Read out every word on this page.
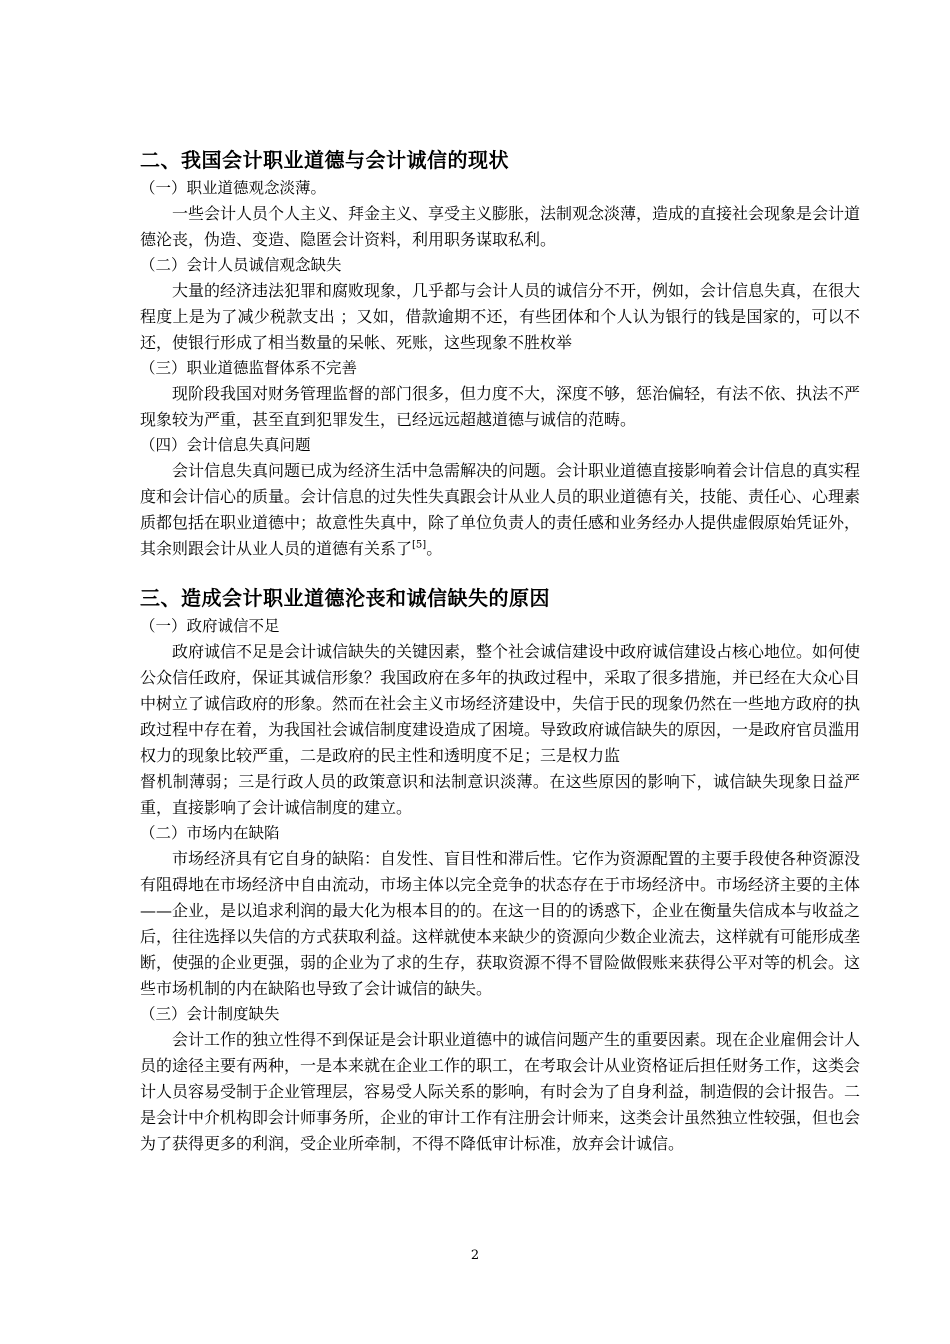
二、我国会计职业道德与会计诚信的现状
（一）职业道德观念淡薄。

一些会计人员个人主义、拜金主义、享受主义膨胀，法制观念淡薄，造成的直接社会现象是会计道德沦丧，伪造、变造、隐匿会计资料，利用职务谋取私利。

（二）会计人员诚信观念缺失

大量的经济违法犯罪和腐败现象，几乎都与会计人员的诚信分不开，例如，会计信息失真，在很大程度上是为了减少税款支出 ；又如，借款逾期不还，有些团体和个人认为银行的钱是国家的，可以不还，使银行形成了相当数量的呆帐、死账，这些现象不胜枚举

（三）职业道德监督体系不完善

现阶段我国对财务管理监督的部门很多，但力度不大，深度不够，惩治偏轻，有法不依、执法不严现象较为严重，甚至直到犯罪发生，已经远远超越道德与诚信的范畴。

（四）会计信息失真问题

会计信息失真问题已成为经济生活中急需解决的问题。会计职业道德直接影响着会计信息的真实程度和会计信心的质量。会计信息的过失性失真跟会计从业人员的职业道德有关，技能、责任心、心理素质都包括在职业道德中；故意性失真中，除了单位负责人的责任感和业务经办人提供虚假原始凭证外，其余则跟会计从业人员的道德有关系了[5]。

三、造成会计职业道德沦丧和诚信缺失的原因
（一）政府诚信不足

政府诚信不足是会计诚信缺失的关键因素，整个社会诚信建设中政府诚信建设占核心地位。如何使公众信任政府，保证其诚信形象？我国政府在多年的执政过程中，采取了很多措施，并已经在大众心目中树立了诚信政府的形象。然而在社会主义市场经济建设中，失信于民的现象仍然在一些地方政府的执政过程中存在着，为我国社会诚信制度建设造成了困境。导致政府诚信缺失的原因，一是政府官员滥用权力的现象比较严重，二是政府的民主性和透明度不足；三是权力监

督机制薄弱；三是行政人员的政策意识和法制意识淡薄。在这些原因的影响下，诚信缺失现象日益严重，直接影响了会计诚信制度的建立。

（二）市场内在缺陷

市场经济具有它自身的缺陷：自发性、盲目性和滞后性。它作为资源配置的主要手段使各种资源没有阻碍地在市场经济中自由流动，市场主体以完全竞争的状态存在于市场经济中。市场经济主要的主体——企业，是以追求利润的最大化为根本目的的。在这一目的的诱惑下，企业在衡量失信成本与收益之后，往往选择以失信的方式获取利益。这样就使本来缺少的资源向少数企业流去，这样就有可能形成垄断，使强的企业更强，弱的企业为了求的生存，获取资源不得不冒险做假账来获得公平对等的机会。这些市场机制的内在缺陷也导致了会计诚信的缺失。

（三）会计制度缺失

会计工作的独立性得不到保证是会计职业道德中的诚信问题产生的重要因素。现在企业雇佣会计人员的途径主要有两种，一是本来就在企业工作的职工，在考取会计从业资格证后担任财务工作，这类会计人员容易受制于企业管理层，容易受人际关系的影响，有时会为了自身利益，制造假的会计报告。二是会计中介机构即会计师事务所，企业的审计工作有注册会计师来，这类会计虽然独立性较强，但也会为了获得更多的利润，受企业所牵制，不得不降低审计标准，放弃会计诚信。

2
